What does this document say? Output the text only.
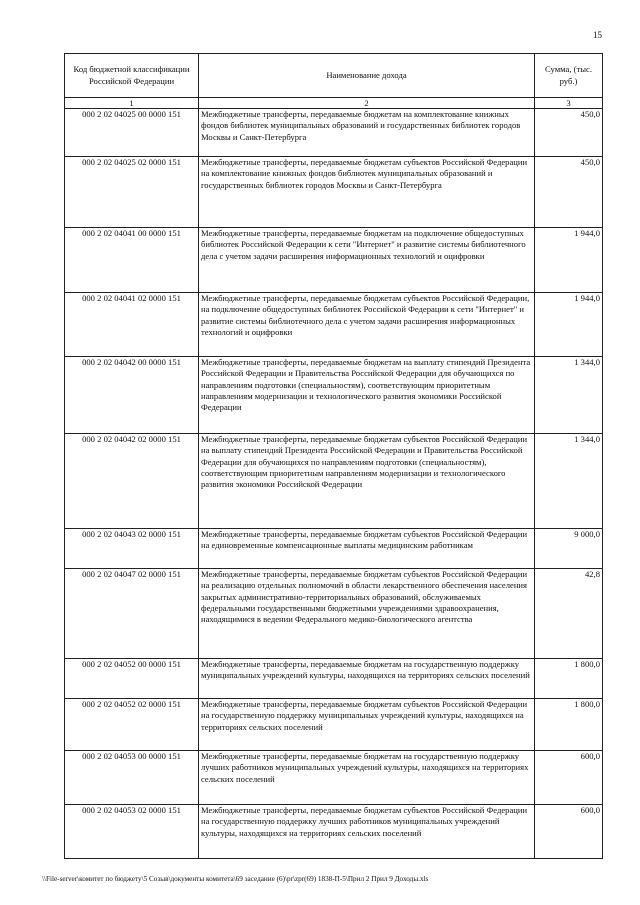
15
Код бюджетной классификации Российской Федерации	Наименование дохода	Сумма, (тыс. руб.)
1	2	3
000 2 02 04025 00 0000 151	Межбюджетные трансферты, передаваемые бюджетам на комплектование книжных фондов библиотек муниципальных образований и государственных библиотек городов Москвы и Санкт-Петербурга	450,0
000 2 02 04025 02 0000 151	Межбюджетные трансферты, передаваемые бюджетам субъектов Российской Федерации на комплектование книжных фондов библиотек муниципальных образований и государственных библиотек городов Москвы и Санкт-Петербурга	450,0
000 2 02 04041 00 0000 151	Межбюджетные трансферты, передаваемые бюджетам на подключение общедоступных библиотек Российской Федерации к сети "Интернет" и развитие системы библиотечного дела с учетом задачи расширения информационных технологий и оцифровки	1 944,0
000 2 02 04041 02 0000 151	Межбюджетные трансферты, передаваемые бюджетам субъектов Российской Федерации, на подключение общедоступных библиотек Российской Федерации к сети "Интернет" и развитие системы библиотечного дела с учетом задачи расширения информационных технологий и оцифровки	1 944,0
000 2 02 04042 00 0000 151	Межбюджетные трансферты, передаваемые бюджетам на выплату стипендий Президента Российской Федерации и Правительства Российской Федерации для обучающихся по направлениям подготовки (специальностям), соответствующим приоритетным направлениям модернизации и технологического развития экономики Российской Федерации	1 344,0
000 2 02 04042 02 0000 151	Межбюджетные трансферты, передаваемые бюджетам субъектов Российской Федерации на выплату стипендий Президента Российской Федерации и Правительства Российской Федерации для обучающихся по направлениям подготовки (специальностям), соответствующим приоритетным направлениям модернизации и технологического развития экономики Российской Федерации	1 344,0
000 2 02 04043 02 0000 151	Межбюджетные трансферты, передаваемые бюджетам субъектов Российской Федерации на единовременные компенсационные выплаты медицинским работникам	9 000,0
000 2 02 04047 02 0000 151	Межбюджетные трансферты, передаваемые бюджетам субъектов Российской Федерации на реализацию отдельных полномочий в области лекарственного обеспечения населения закрытых административно-территориальных образований, обслуживаемых федеральными государственными бюджетными учреждениями здравоохранения, находящимися в ведении Федерального медико-биологического агентства	42,8
000 2 02 04052 00 0000 151	Межбюджетные трансферты, передаваемые бюджетам на государственную поддержку муниципальных учреждений культуры, находящихся на территориях сельских поселений	1 800,0
000 2 02 04052 02 0000 151	Межбюджетные трансферты, передаваемые бюджетам субъектов Российской Федерации на государственную поддержку муниципальных учреждений культуры, находящихся на территориях сельских поселений	1 800,0
000 2 02 04053 00 0000 151	Межбюджетные трансферты, передаваемые бюджетам на государственную поддержку лучших работников муниципальных учреждений культуры, находящихся на территориях сельских поселений	600,0
000 2 02 04053 02 0000 151	Межбюджетные трансферты, передаваемые бюджетам субъектов Российской Федерации на государственную поддержку лучших работников муниципальных учреждений культуры, находящихся на территориях сельских поселений	600,0
\\File-server\комитет по бюджету\5 Созыв\документы комитета\69 заседание (6)\pr\zpr(69) 1838-П-5\Прил 2 Прил 9 Доходы.xls
